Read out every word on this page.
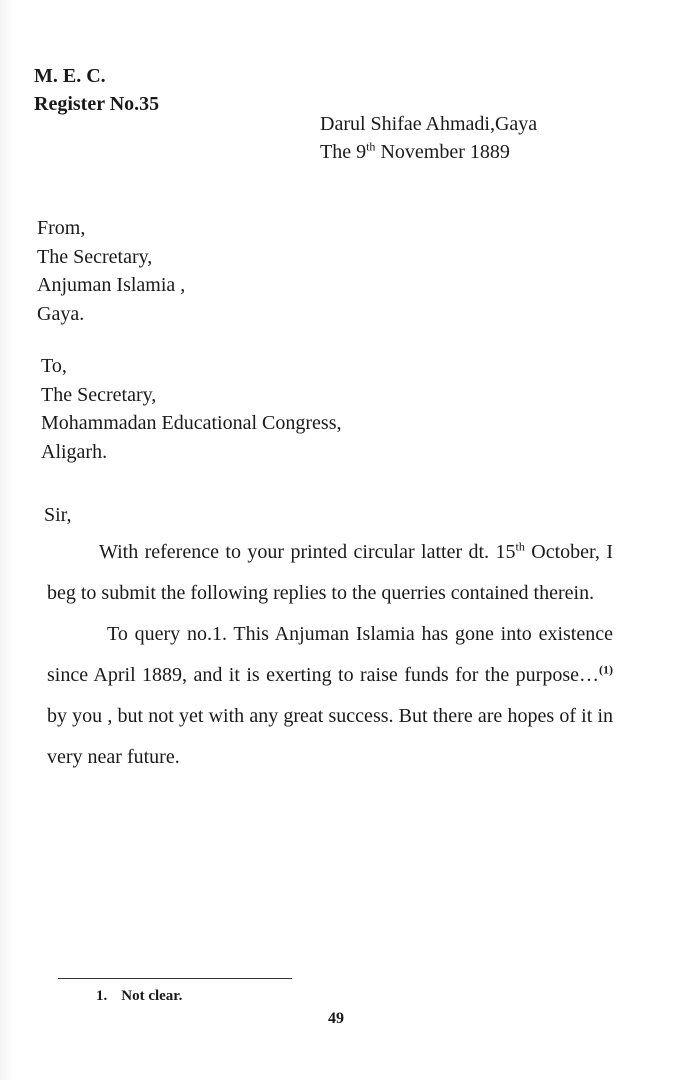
M. E. C.
Register No.35
Darul Shifae Ahmadi,Gaya
The 9th November 1889
From,
The Secretary,
Anjuman Islamia ,
Gaya.
To,
The Secretary,
Mohammadan Educational Congress,
Aligarh.
Sir,

With reference to your printed circular latter dt. 15th October, I beg to submit the following replies to the querries contained therein.

To query no.1. This Anjuman Islamia has gone into existence since April 1889, and it is exerting to raise funds for the purpose…$^{(1)}$ by you , but not yet with any great success. But there are hopes of it in very near future.

1. Not clear.
49
